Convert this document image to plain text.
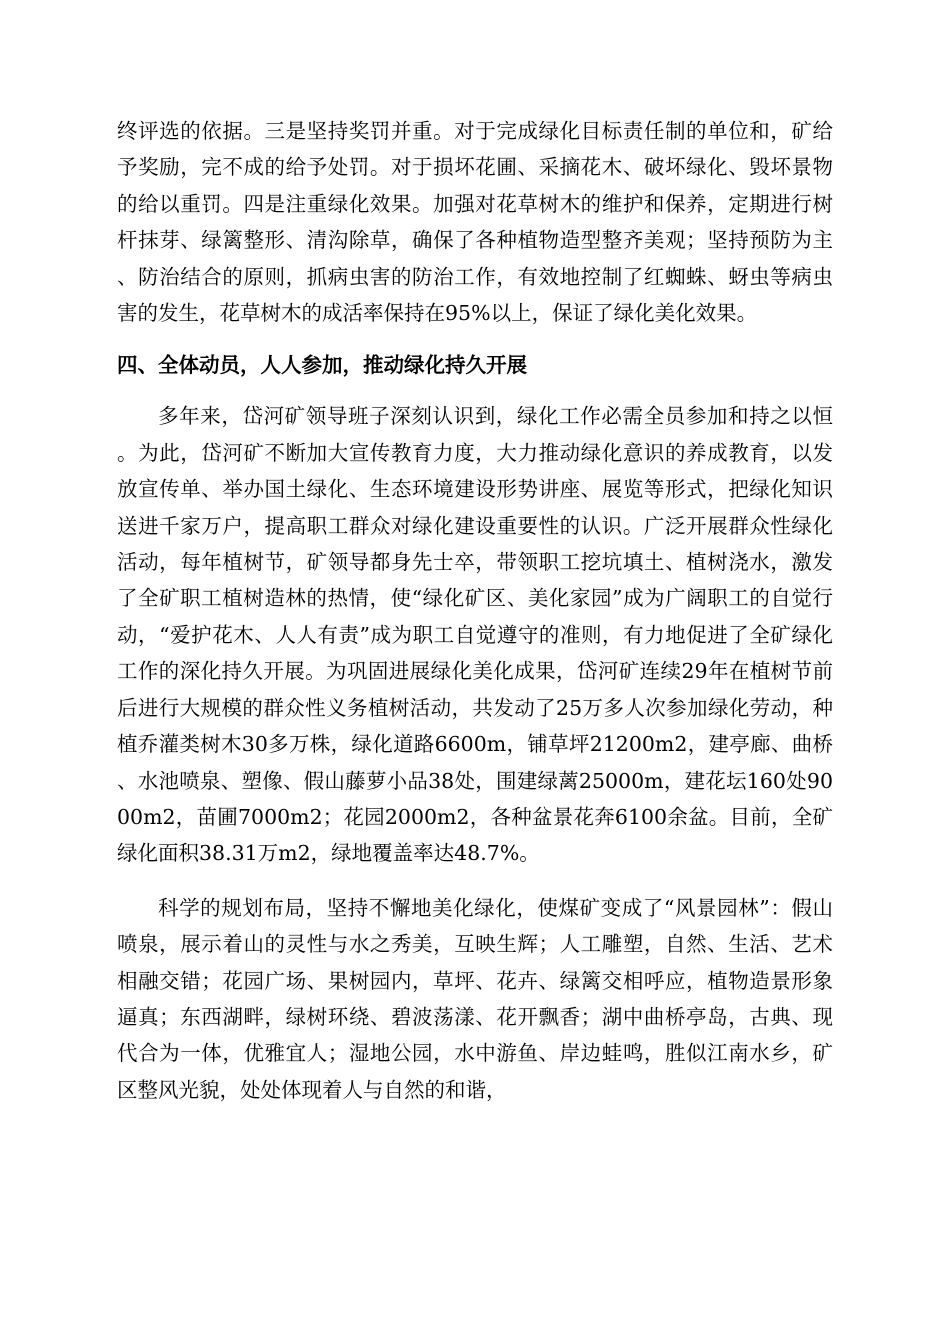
终评选的依据。三是坚持奖罚并重。对于完成绿化目标责任制的单位和，矿给予奖励，完不成的给予处罚。对于损坏花圃、采摘花木、破坏绿化、毁坏景物的给以重罚。四是注重绿化效果。加强对花草树木的维护和保养，定期进行树杆抹芽、绿篱整形、清沟除草，确保了各种植物造型整齐美观；坚持预防为主、防治结合的原则，抓病虫害的防治工作，有效地控制了红蜘蛛、蚜虫等病虫害的发生，花草树木的成活率保持在95%以上，保证了绿化美化效果。

四、全体动员，人人参加，推动绿化持久开展

多年来，岱河矿领导班子深刻认识到，绿化工作必需全员参加和持之以恒。为此，岱河矿不断加大宣传教育力度，大力推动绿化意识的养成教育，以发放宣传单、举办国土绿化、生态环境建设形势讲座、展览等形式，把绿化知识送进千家万户，提高职工群众对绿化建设重要性的认识。广泛开展群众性绿化活动，每年植树节，矿领导都身先士卒，带领职工挖坑填土、植树浇水，激发了全矿职工植树造林的热情，使“绿化矿区、美化家园”成为广阔职工的自觉行动，“爱护花木、人人有责”成为职工自觉遵守的准则，有力地促进了全矿绿化工作的深化持久开展。为巩固进展绿化美化成果，岱河矿连续29年在植树节前后进行大规模的群众性义务植树活动，共发动了25万多人次参加绿化劳动，种植乔灌类树木30多万株，绿化道路6600m，铺草坪21200m2，建亭廊、曲桥、水池喷泉、塑像、假山藤萝小品38处，围建绿蓠25000m，建花坛160处9000m2，苗圃7000m2；花园2000m2，各种盆景花奔6100余盆。目前，全矿绿化面积38.31万m2，绿地覆盖率达48.7%。

科学的规划布局，坚持不懈地美化绿化，使煤矿变成了“风景园林”：假山喷泉，展示着山的灵性与水之秀美，互映生辉；人工雕塑，自然、生活、艺术相融交错；花园广场、果树园内，草坪、花卉、绿篱交相呼应，植物造景形象逼真；东西湖畔，绿树环绕、碧波荡漾、花开飘香；湖中曲桥亭岛，古典、现代合为一体，优雅宜人；湿地公园，水中游鱼、岸边蛙鸣，胜似江南水乡，矿区整风光貌，处处体现着人与自然的和谐，
